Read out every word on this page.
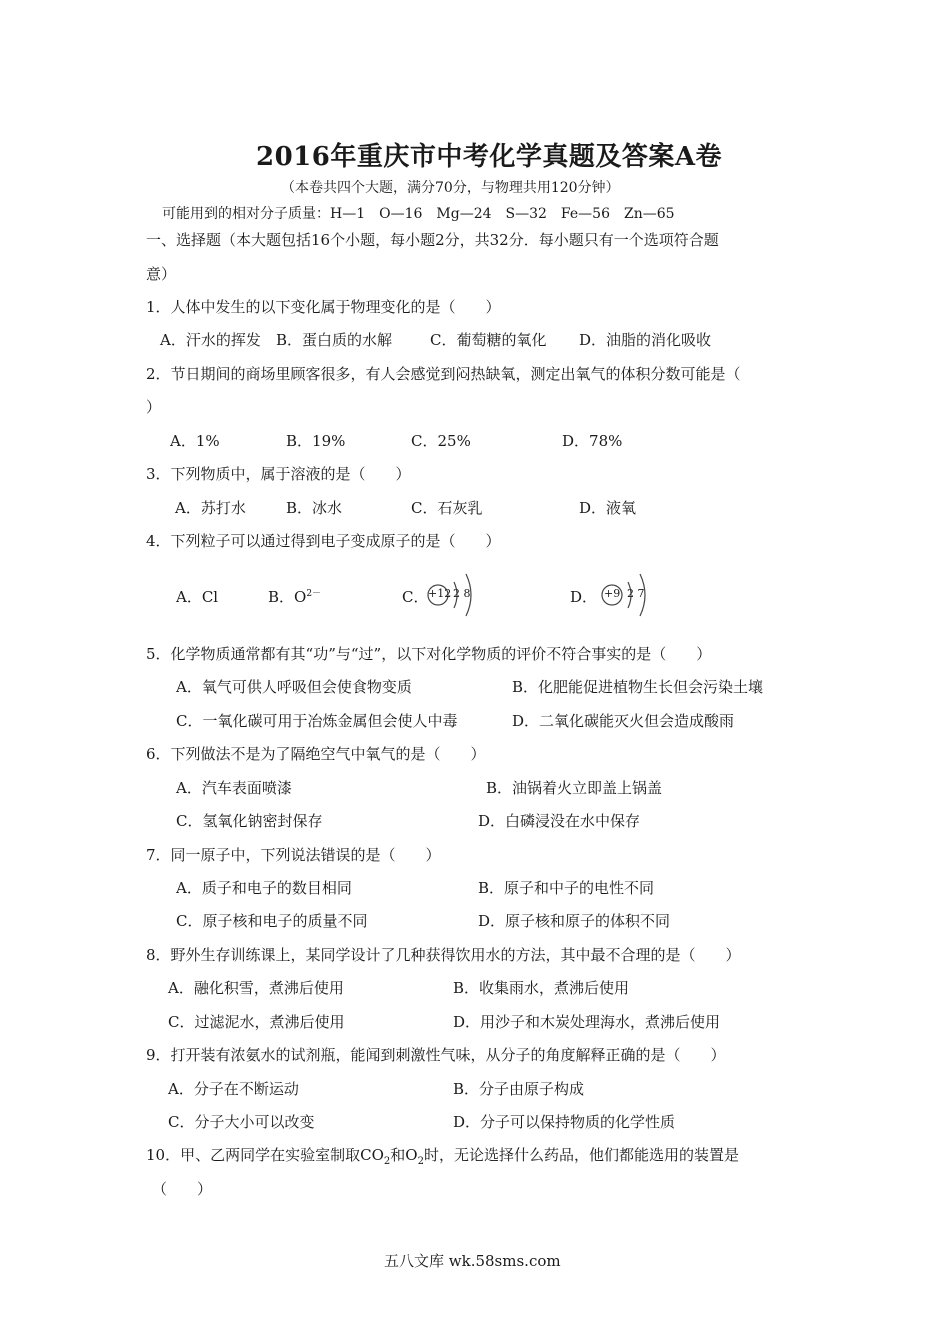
2016年重庆市中考化学真题及答案A卷
（本卷共四个大题，满分70分，与物理共用120分钟）
可能用到的相对分子质量：H—1　O—16　Mg—24　S—32　Fe—56　Zn—65
一、选择题（本大题包括16个小题，每小题2分，共32分．每小题只有一个选项符合题
意）
1．人体中发生的以下变化属于物理变化的是（　　）
A．汗水的挥发 B．蛋白质的水解	C．葡萄糖的氧化 D．油脂的消化吸收
2．节日期间的商场里顾客很多，有人会感觉到闷热缺氧，测定出氧气的体积分数可能是（
）
A．1%	B．19%	C．25%	D．78%
3．下列物质中，属于溶液的是（　　）
A．苏打水	B．冰水	C．石灰乳	D．液氧
4．下列粒子可以通过得到电子变成原子的是（　　）
A．Cl	B．$O^{2-}$	C．	D．
+12 2 8	+9 2 7
5．化学物质通常都有其“功”与“过”，以下对化学物质的评价不符合事实的是（　　）
A．氧气可供人呼吸但会使食物变质	B．化肥能促进植物生长但会污染土壤
C．一氧化碳可用于冶炼金属但会使人中毒	D．二氧化碳能灭火但会造成酸雨
6．下列做法不是为了隔绝空气中氧气的是（　　）
A．汽车表面喷漆	B．油锅着火立即盖上锅盖
C．氢氧化钠密封保存	D．白磷浸没在水中保存
7．同一原子中，下列说法错误的是（　　）
A．质子和电子的数目相同	B．原子和中子的电性不同
C．原子核和电子的质量不同	D．原子核和原子的体积不同
8．野外生存训练课上，某同学设计了几种获得饮用水的方法，其中最不合理的是（　　）
A．融化积雪，煮沸后使用	B．收集雨水，煮沸后使用
C．过滤泥水，煮沸后使用	D．用沙子和木炭处理海水，煮沸后使用
9．打开装有浓氨水的试剂瓶，能闻到刺激性气味，从分子的角度解释正确的是（　　）
A．分子在不断运动	B．分子由原子构成
C．分子大小可以改变	D．分子可以保持物质的化学性质
10．甲、乙两同学在实验室制取$CO_2$和$O_2$时，无论选择什么药品，他们都能选用的装置是
（　　）
五八文库 wk.58sms.com
